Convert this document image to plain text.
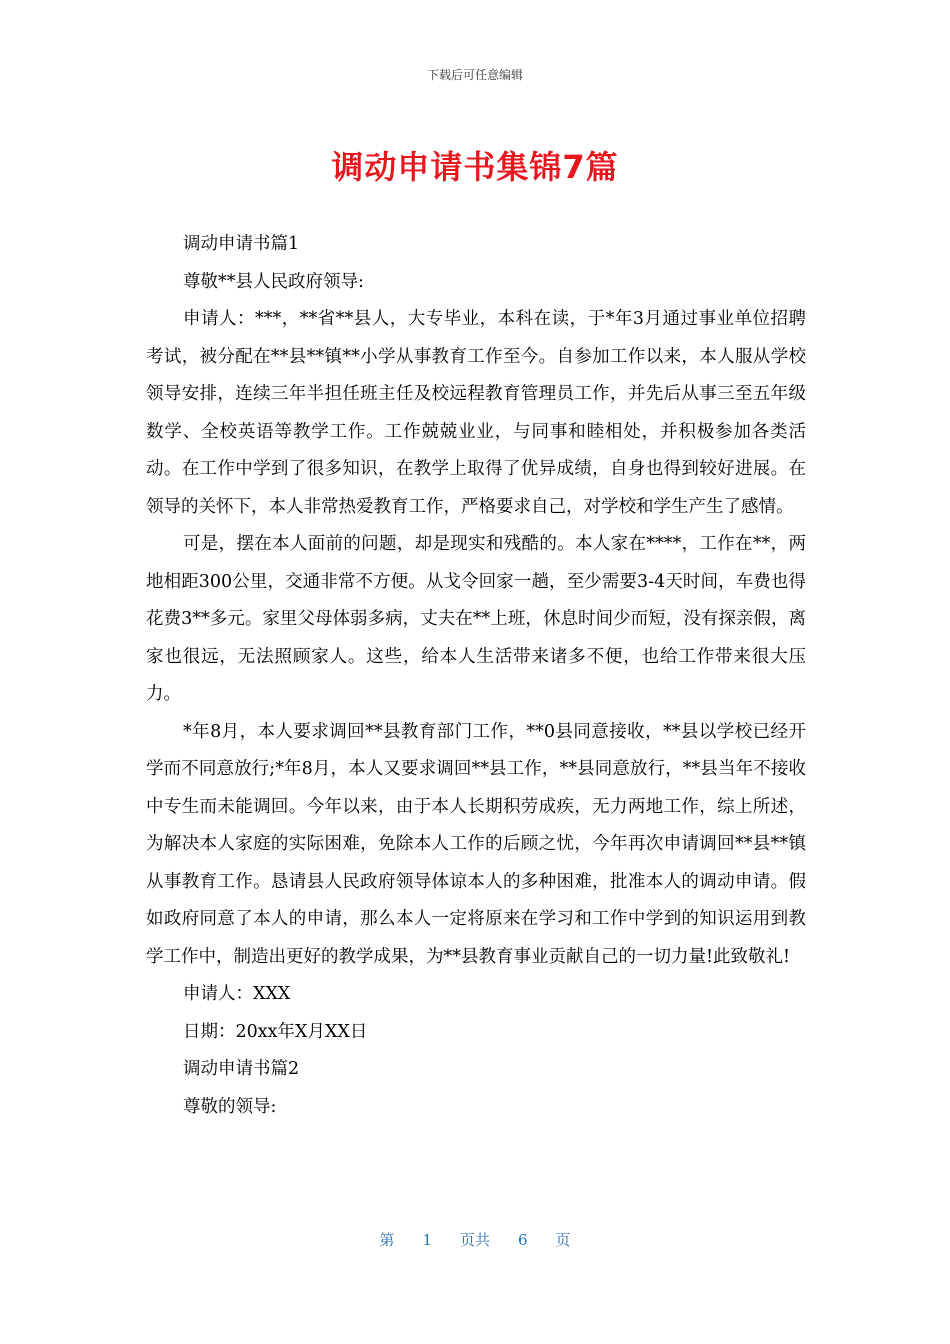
下载后可任意编辑
调动申请书集锦7篇

调动申请书篇1

尊敬**县人民政府领导:

申请人：***，**省**县人，大专毕业，本科在读，于*年3月通过事业单位招聘考试，被分配在**县**镇**小学从事教育工作至今。自参加工作以来，本人服从学校领导安排，连续三年半担任班主任及校远程教育管理员工作，并先后从事三至五年级数学、全校英语等教学工作。工作兢兢业业，与同事和睦相处，并积极参加各类活动。在工作中学到了很多知识，在教学上取得了优异成绩，自身也得到较好进展。在领导的关怀下，本人非常热爱教育工作，严格要求自己，对学校和学生产生了感情。

可是，摆在本人面前的问题，却是现实和残酷的。本人家在****，工作在**，两地相距300公里，交通非常不方便。从戈令回家一趟，至少需要3-4天时间，车费也得花费3**多元。家里父母体弱多病，丈夫在**上班，休息时间少而短，没有探亲假，离家也很远，无法照顾家人。这些，给本人生活带来诸多不便，也给工作带来很大压力。

*年8月，本人要求调回**县教育部门工作，**0县同意接收，**县以学校已经开学而不同意放行;*年8月，本人又要求调回**县工作，**县同意放行，**县当年不接收中专生而未能调回。今年以来，由于本人长期积劳成疾，无力两地工作，综上所述，为解决本人家庭的实际困难，免除本人工作的后顾之忧，今年再次申请调回**县**镇从事教育工作。恳请县人民政府领导体谅本人的多种困难，批准本人的调动申请。假如政府同意了本人的申请，那么本人一定将原来在学习和工作中学到的知识运用到教学工作中，制造出更好的教学成果，为**县教育事业贡献自己的一切力量!此致敬礼!

申请人：XXX

日期：20xx年X月XX日

调动申请书篇2

尊敬的领导:

第 1 页共 6 页
